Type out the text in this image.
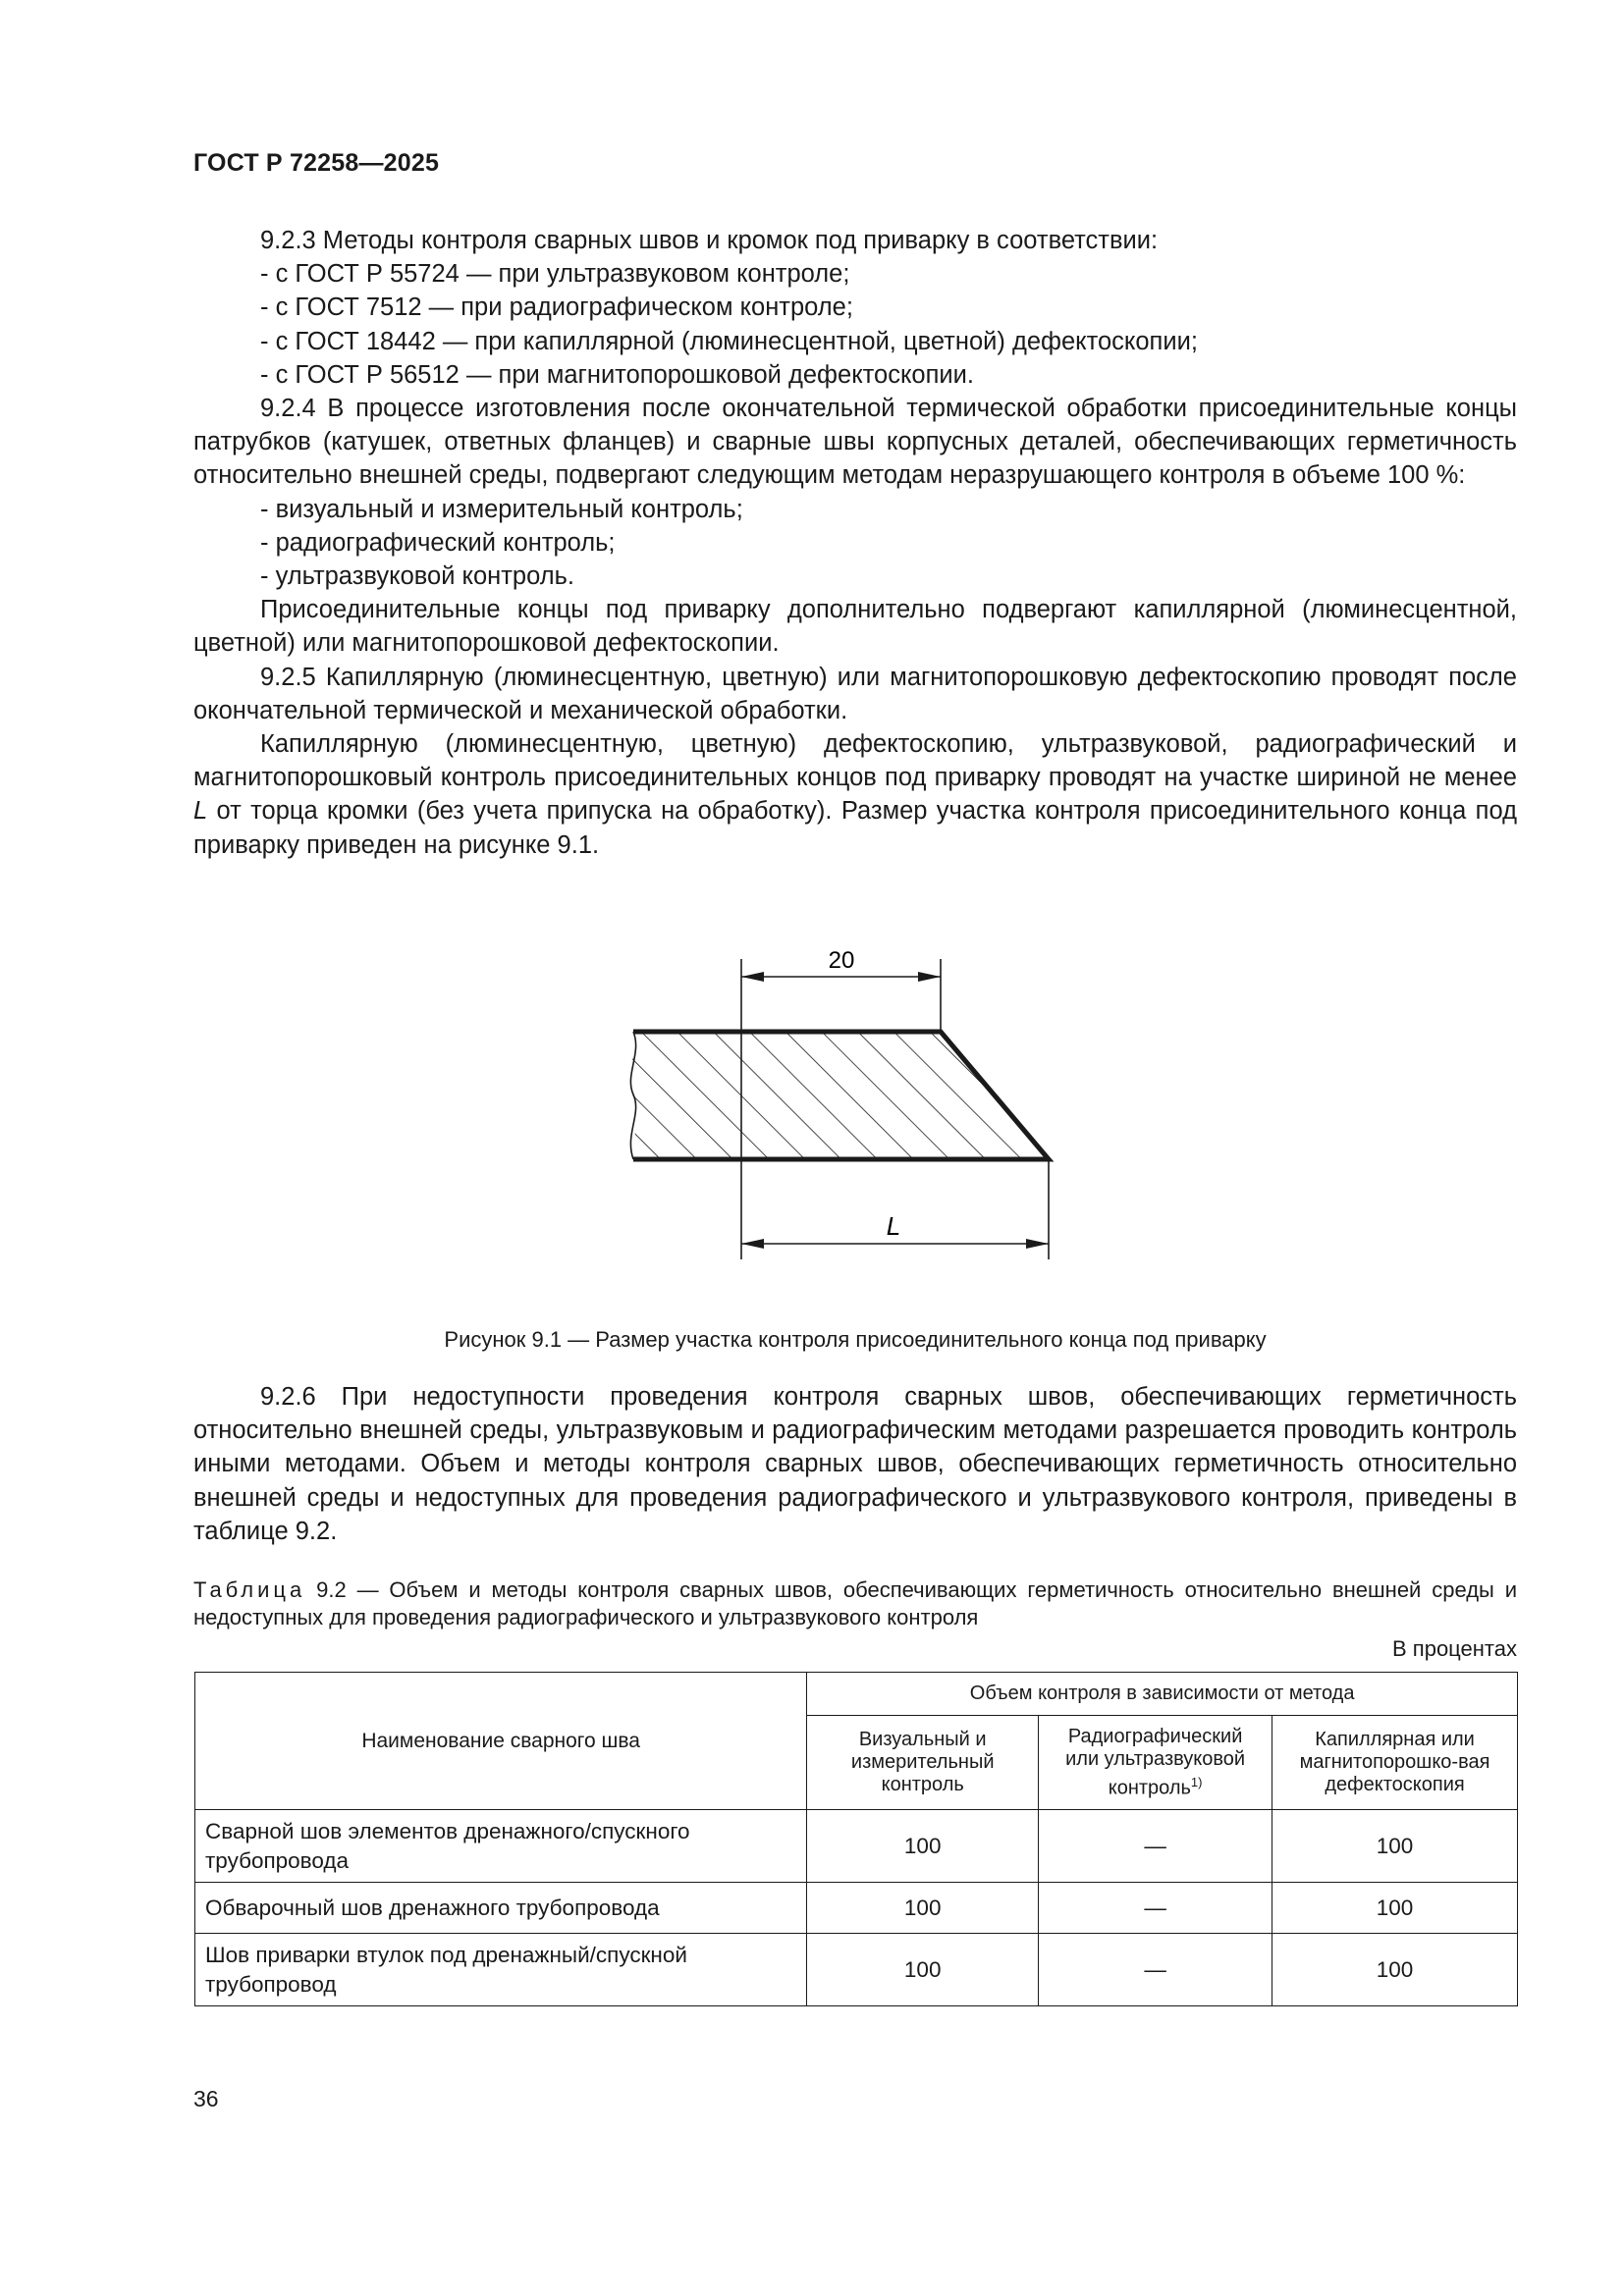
ГОСТ Р 72258—2025

9.2.3 Методы контроля сварных швов и кромок под приварку в соответствии:

- с ГОСТ Р 55724 — при ультразвуковом контроле;

- с ГОСТ 7512 — при радиографическом контроле;

- с ГОСТ 18442 — при капиллярной (люминесцентной, цветной) дефектоскопии;

- с ГОСТ Р 56512 — при магнитопорошковой дефектоскопии.

9.2.4 В процессе изготовления после окончательной термической обработки присоединительные концы патрубков (катушек, ответных фланцев) и сварные швы корпусных деталей, обеспечивающих герметичность относительно внешней среды, подвергают следующим методам неразрушающего контроля в объеме 100 %:

- визуальный и измерительный контроль;

- радиографический контроль;

- ультразвуковой контроль.

Присоединительные концы под приварку дополнительно подвергают капиллярной (люминесцентной, цветной) или магнитопорошковой дефектоскопии.

9.2.5 Капиллярную (люминесцентную, цветную) или магнитопорошковую дефектоскопию проводят после окончательной термической и механической обработки.

Капиллярную (люминесцентную, цветную) дефектоскопию, ультразвуковой, радиографический и магнитопорошковый контроль присоединительных концов под приварку проводят на участке шириной не менее L от торца кромки (без учета припуска на обработку). Размер участка контроля присоединительного конца под приварку приведен на рисунке 9.1.

20
L
Рисунок 9.1 — Размер участка контроля присоединительного конца под приварку

9.2.6 При недоступности проведения контроля сварных швов, обеспечивающих герметичность относительно внешней среды, ультразвуковым и радиографическим методами разрешается проводить контроль иными методами. Объем и методы контроля сварных швов, обеспечивающих герметичность относительно внешней среды и недоступных для проведения радиографического и ультразвукового контроля, приведены в таблице 9.2.

Таблица 9.2 — Объем и методы контроля сварных швов, обеспечивающих герметичность относительно внешней среды и недоступных для проведения радиографического и ультразвукового контроля
В процентах
Наименование сварного шва	Объем контроля в зависимости от метода		
	Визуальный и измерительный контроль	Радиографический или ультразвуковой контроль$^{1)}$	Капиллярная или магнитопорошко-вая дефектоскопия
Сварной шов элементов дренажного/спускного трубопровода	100	—	100
Обварочный шов дренажного трубопровода	100	—	100
Шов приварки втулок под дренажный/спускной трубопровод	100	—	100
36
